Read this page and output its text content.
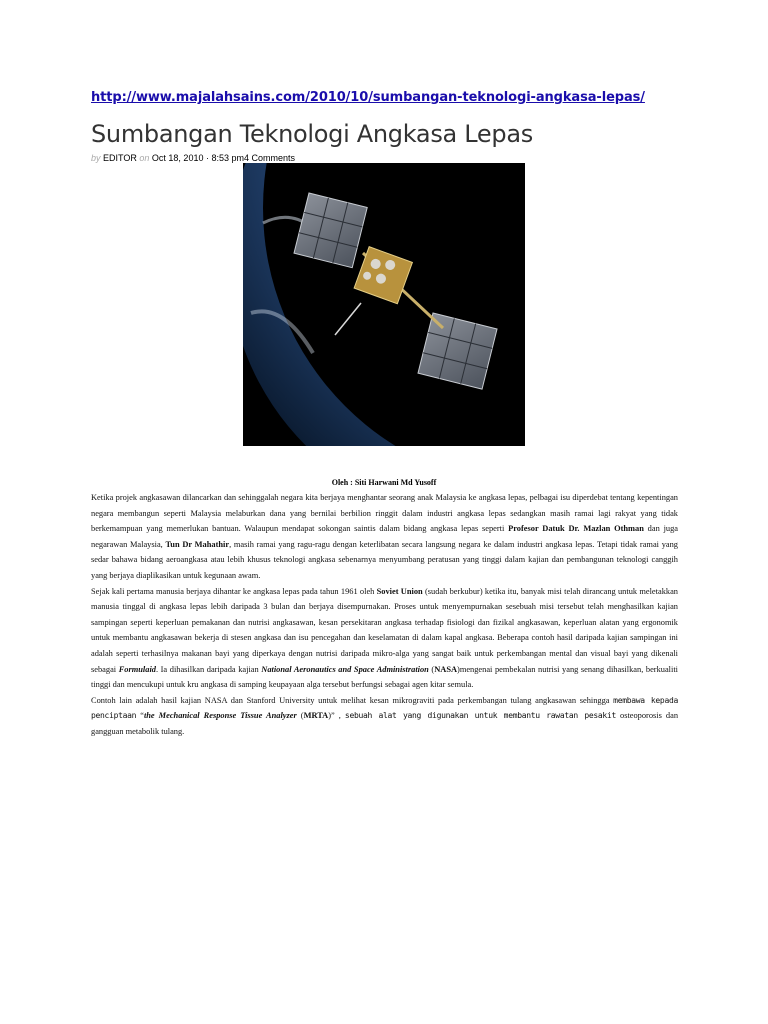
http://www.majalahsains.com/2010/10/sumbangan-teknologi-angkasa-lepas/
Sumbangan Teknologi Angkasa Lepas
by EDITOR on Oct 18, 2010 · 8:53 pm4 Comments
Oleh : Siti Harwani Md Yusoff

Ketika projek angkasawan dilancarkan dan sehinggalah negara kita berjaya menghantar seorang anak Malaysia ke angkasa lepas, pelbagai isu diperdebat tentang kepentingan negara membangun seperti Malaysia melaburkan dana yang bernilai berbilion ringgit dalam industri angkasa lepas sedangkan masih ramai lagi rakyat yang tidak berkemampuan yang memerlukan bantuan. Walaupun mendapat sokongan saintis dalam bidang angkasa lepas seperti Profesor Datuk Dr. Mazlan Othman dan juga negarawan Malaysia, Tun Dr Mahathir, masih ramai yang ragu-ragu dengan keterlibatan secara langsung negara ke dalam industri angkasa lepas. Tetapi tidak ramai yang sedar bahawa bidang aeroangkasa atau lebih khusus teknologi angkasa sebenarnya menyumbang peratusan yang tinggi dalam kajian dan pembangunan teknologi canggih yang berjaya diaplikasikan untuk kegunaan awam.

Sejak kali pertama manusia berjaya dihantar ke angkasa lepas pada tahun 1961 oleh Soviet Union (sudah berkubur) ketika itu, banyak misi telah dirancang untuk meletakkan manusia tinggal di angkasa lepas lebih daripada 3 bulan dan berjaya disempurnakan. Proses untuk menyempurnakan sesebuah misi tersebut telah menghasilkan kajian sampingan seperti keperluan pemakanan dan nutrisi angkasawan, kesan persekitaran angkasa terhadap fisiologi dan fizikal angkasawan, keperluan alatan yang ergonomik untuk membantu angkasawan bekerja di stesen angkasa dan isu pencegahan dan keselamatan di dalam kapal angkasa. Beberapa contoh hasil daripada kajian sampingan ini adalah seperti terhasilnya makanan bayi yang diperkaya dengan nutrisi daripada mikro-alga yang sangat baik untuk perkembangan mental dan visual bayi yang dikenali sebagai Formulaid. Ia dihasilkan daripada kajian National Aeronautics and Space Administration (NASA)mengenai pembekalan nutrisi yang senang dihasilkan, berkualiti tinggi dan mencukupi untuk kru angkasa di samping keupayaan alga tersebut berfungsi sebagai agen kitar semula.

Contoh lain adalah hasil kajian NASA dan Stanford University untuk melihat kesan mikrograviti pada perkembangan tulang angkasawan sehingga membawa kepada penciptaan “the Mechanical Response Tissue Analyzer (MRTA)” , sebuah alat yang digunakan untuk membantu rawatan pesakit osteoporosis dan gangguan metabolik tulang.
